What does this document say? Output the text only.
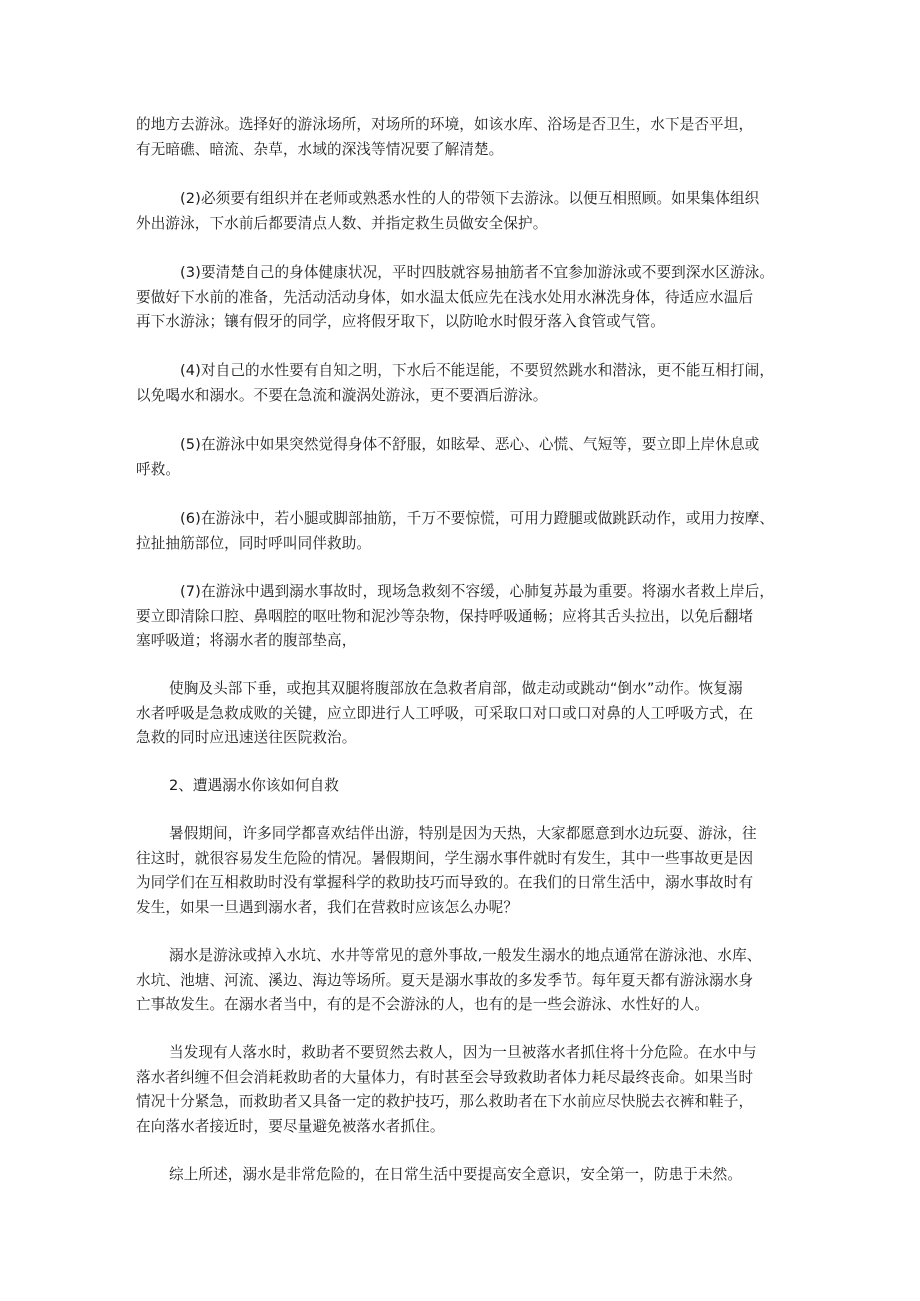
的地方去游泳。选择好的游泳场所，对场所的环境，如该水库、浴场是否卫生，水下是否平坦，
有无暗礁、暗流、杂草，水域的深浅等情况要了解清楚。

(2)必须要有组织并在老师或熟悉水性的人的带领下去游泳。以便互相照顾。如果集体组织
外出游泳，下水前后都要清点人数、并指定救生员做安全保护。

(3)要清楚自己的身体健康状况，平时四肢就容易抽筋者不宜参加游泳或不要到深水区游泳。
要做好下水前的准备，先活动活动身体，如水温太低应先在浅水处用水淋洗身体，待适应水温后
再下水游泳；镶有假牙的同学，应将假牙取下，以防呛水时假牙落入食管或气管。

(4)对自己的水性要有自知之明，下水后不能逞能，不要贸然跳水和潜泳，更不能互相打闹，
以免喝水和溺水。不要在急流和漩涡处游泳，更不要酒后游泳。

(5)在游泳中如果突然觉得身体不舒服，如眩晕、恶心、心慌、气短等，要立即上岸休息或
呼救。

(6)在游泳中，若小腿或脚部抽筋，千万不要惊慌，可用力蹬腿或做跳跃动作，或用力按摩、
拉扯抽筋部位，同时呼叫同伴救助。

(7)在游泳中遇到溺水事故时，现场急救刻不容缓，心肺复苏最为重要。将溺水者救上岸后，
要立即清除口腔、鼻咽腔的呕吐物和泥沙等杂物，保持呼吸通畅；应将其舌头拉出，以免后翻堵
塞呼吸道；将溺水者的腹部垫高，

使胸及头部下垂，或抱其双腿将腹部放在急救者肩部，做走动或跳动“倒水”动作。恢复溺
水者呼吸是急救成败的关键，应立即进行人工呼吸，可采取口对口或口对鼻的人工呼吸方式，在
急救的同时应迅速送往医院救治。

2、遭遇溺水你该如何自救

暑假期间，许多同学都喜欢结伴出游，特别是因为天热，大家都愿意到水边玩耍、游泳，往
往这时，就很容易发生危险的情况。暑假期间，学生溺水事件就时有发生，其中一些事故更是因
为同学们在互相救助时没有掌握科学的救助技巧而导致的。在我们的日常生活中，溺水事故时有
发生，如果一旦遇到溺水者，我们在营救时应该怎么办呢？

溺水是游泳或掉入水坑、水井等常见的意外事故,一般发生溺水的地点通常在游泳池、水库、
水坑、池塘、河流、溪边、海边等场所。夏天是溺水事故的多发季节。每年夏天都有游泳溺水身
亡事故发生。在溺水者当中，有的是不会游泳的人，也有的是一些会游泳、水性好的人。

当发现有人落水时，救助者不要贸然去救人，因为一旦被落水者抓住将十分危险。在水中与
落水者纠缠不但会消耗救助者的大量体力，有时甚至会导致救助者体力耗尽最终丧命。如果当时
情况十分紧急，而救助者又具备一定的救护技巧，那么救助者在下水前应尽快脱去衣裤和鞋子，
在向落水者接近时，要尽量避免被落水者抓住。

综上所述，溺水是非常危险的，在日常生活中要提高安全意识，安全第一，防患于未然。
